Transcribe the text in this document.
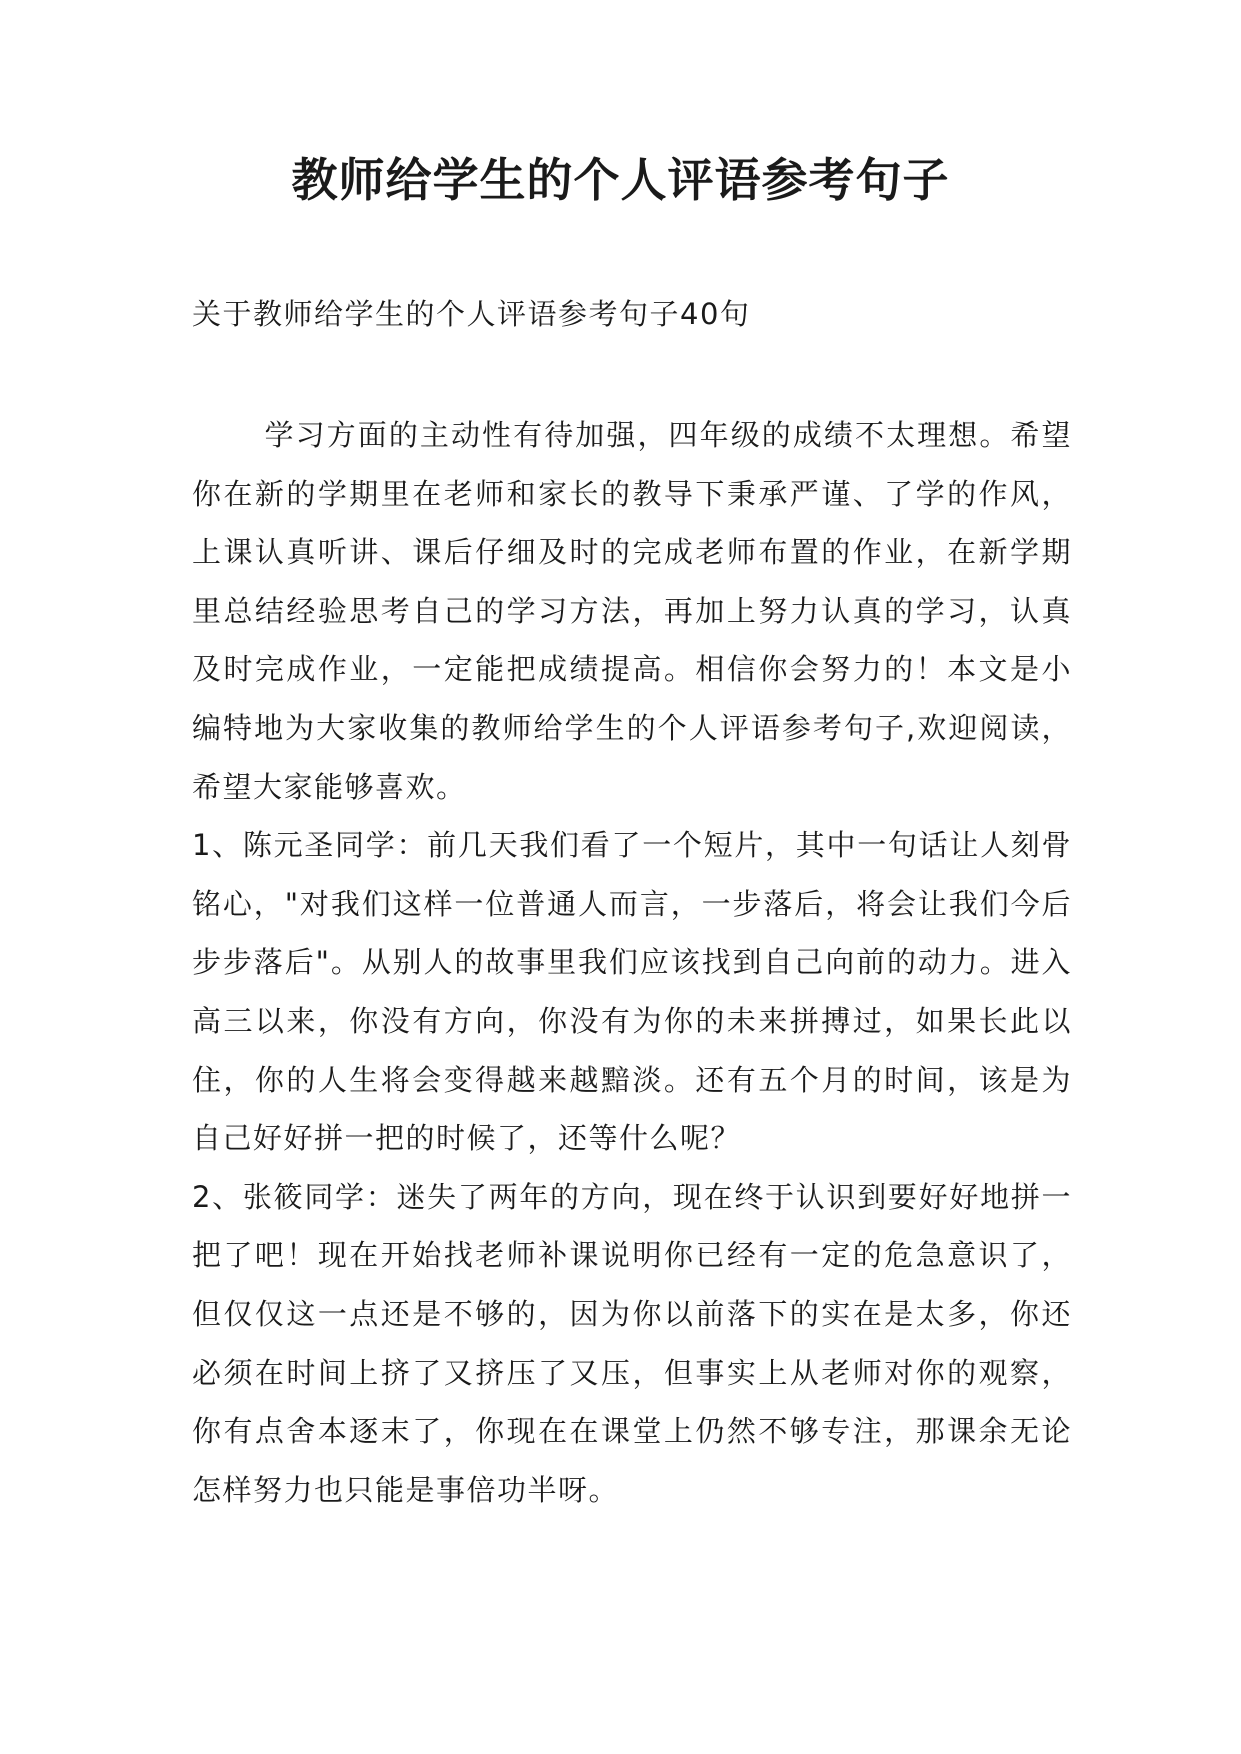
教师给学生的个人评语参考句子

关于教师给学生的个人评语参考句子40句

学习方面的主动性有待加强，四年级的成绩不太理想。希望你在新的学期里在老师和家长的教导下秉承严谨、了学的作风，上课认真听讲、课后仔细及时的完成老师布置的作业，在新学期里总结经验思考自己的学习方法，再加上努力认真的学习，认真及时完成作业，一定能把成绩提高。相信你会努力的！本文是小编特地为大家收集的教师给学生的个人评语参考句子,欢迎阅读，希望大家能够喜欢。

1、陈元圣同学：前几天我们看了一个短片，其中一句话让人刻骨铭心，"对我们这样一位普通人而言，一步落后，将会让我们今后步步落后"。从别人的故事里我们应该找到自己向前的动力。进入高三以来，你没有方向，你没有为你的未来拼搏过，如果长此以住，你的人生将会变得越来越黯淡。还有五个月的时间，该是为自己好好拼一把的时候了，还等什么呢？

2、张筱同学：迷失了两年的方向，现在终于认识到要好好地拼一把了吧！现在开始找老师补课说明你已经有一定的危急意识了，但仅仅这一点还是不够的，因为你以前落下的实在是太多，你还必须在时间上挤了又挤压了又压，但事实上从老师对你的观察，你有点舍本逐末了，你现在在课堂上仍然不够专注，那课余无论怎样努力也只能是事倍功半呀。
